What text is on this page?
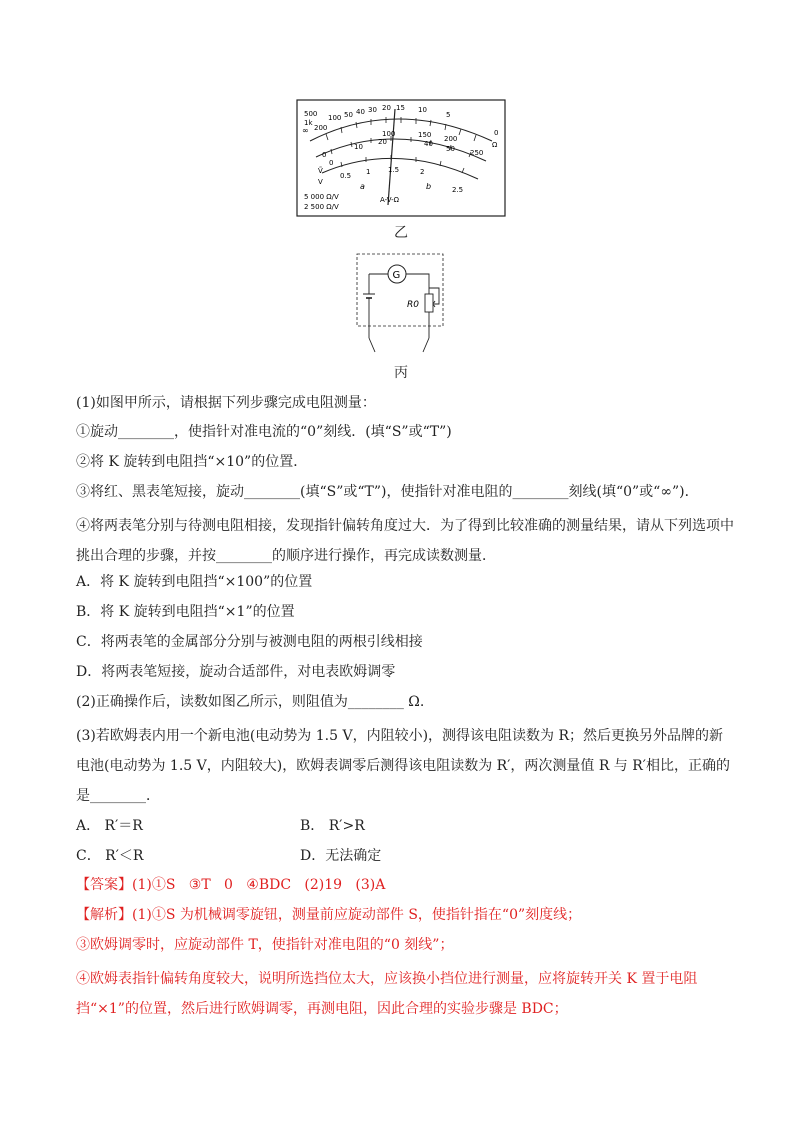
500
1k
100 50 40 30 20 15 10
5
0
∞ 200
Ω
0
10
20	40
50
100	150 200
250
0
0.5 1	1.5	2
2.5
Ṽ
V
5 000 Ω/V
2 500 Ω/V
a	b
A-V-Ω
乙
G
R0
丙
(1)如图甲所示，请根据下列步骤完成电阻测量：
①旋动________，使指针对准电流的“0”刻线．(填“S”或“T”)
②将 K 旋转到电阻挡“×10”的位置．
③将红、黑表笔短接，旋动________(填“S”或“T”)，使指针对准电阻的________刻线(填“0”或“∞”)．
④将两表笔分别与待测电阻相接，发现指针偏转角度过大．为了得到比较准确的测量结果，请从下列选项中挑出合理的步骤，并按________的顺序进行操作，再完成读数测量．
A．将 K 旋转到电阻挡“×100”的位置
B．将 K 旋转到电阻挡“×1”的位置
C．将两表笔的金属部分分别与被测电阻的两根引线相接
D．将两表笔短接，旋动合适部件，对电表欧姆调零
(2)正确操作后，读数如图乙所示，则阻值为________ Ω.
(3)若欧姆表内用一个新电池(电动势为 1.5 V，内阻较小)，测得该电阻读数为 R；然后更换另外品牌的新电池(电动势为 1.5 V，内阻较大)，欧姆表调零后测得该电阻读数为 R′，两次测量值 R 与 R′相比，正确的是________．
A． R′＝R	B． R′>R
C． R′＜R	D．无法确定
【答案】(1)①S   ③T   0   ④BDC   (2)19   (3)A
【解析】(1)①S 为机械调零旋钮，测量前应旋动部件 S，使指针指在“0”刻度线；
③欧姆调零时，应旋动部件 T，使指针对准电阻的“0 刻线”；
④欧姆表指针偏转角度较大，说明所选挡位太大，应该换小挡位进行测量，应将旋转开关 K 置于电阻挡“×1”的位置，然后进行欧姆调零，再测电阻，因此合理的实验步骤是 BDC；
